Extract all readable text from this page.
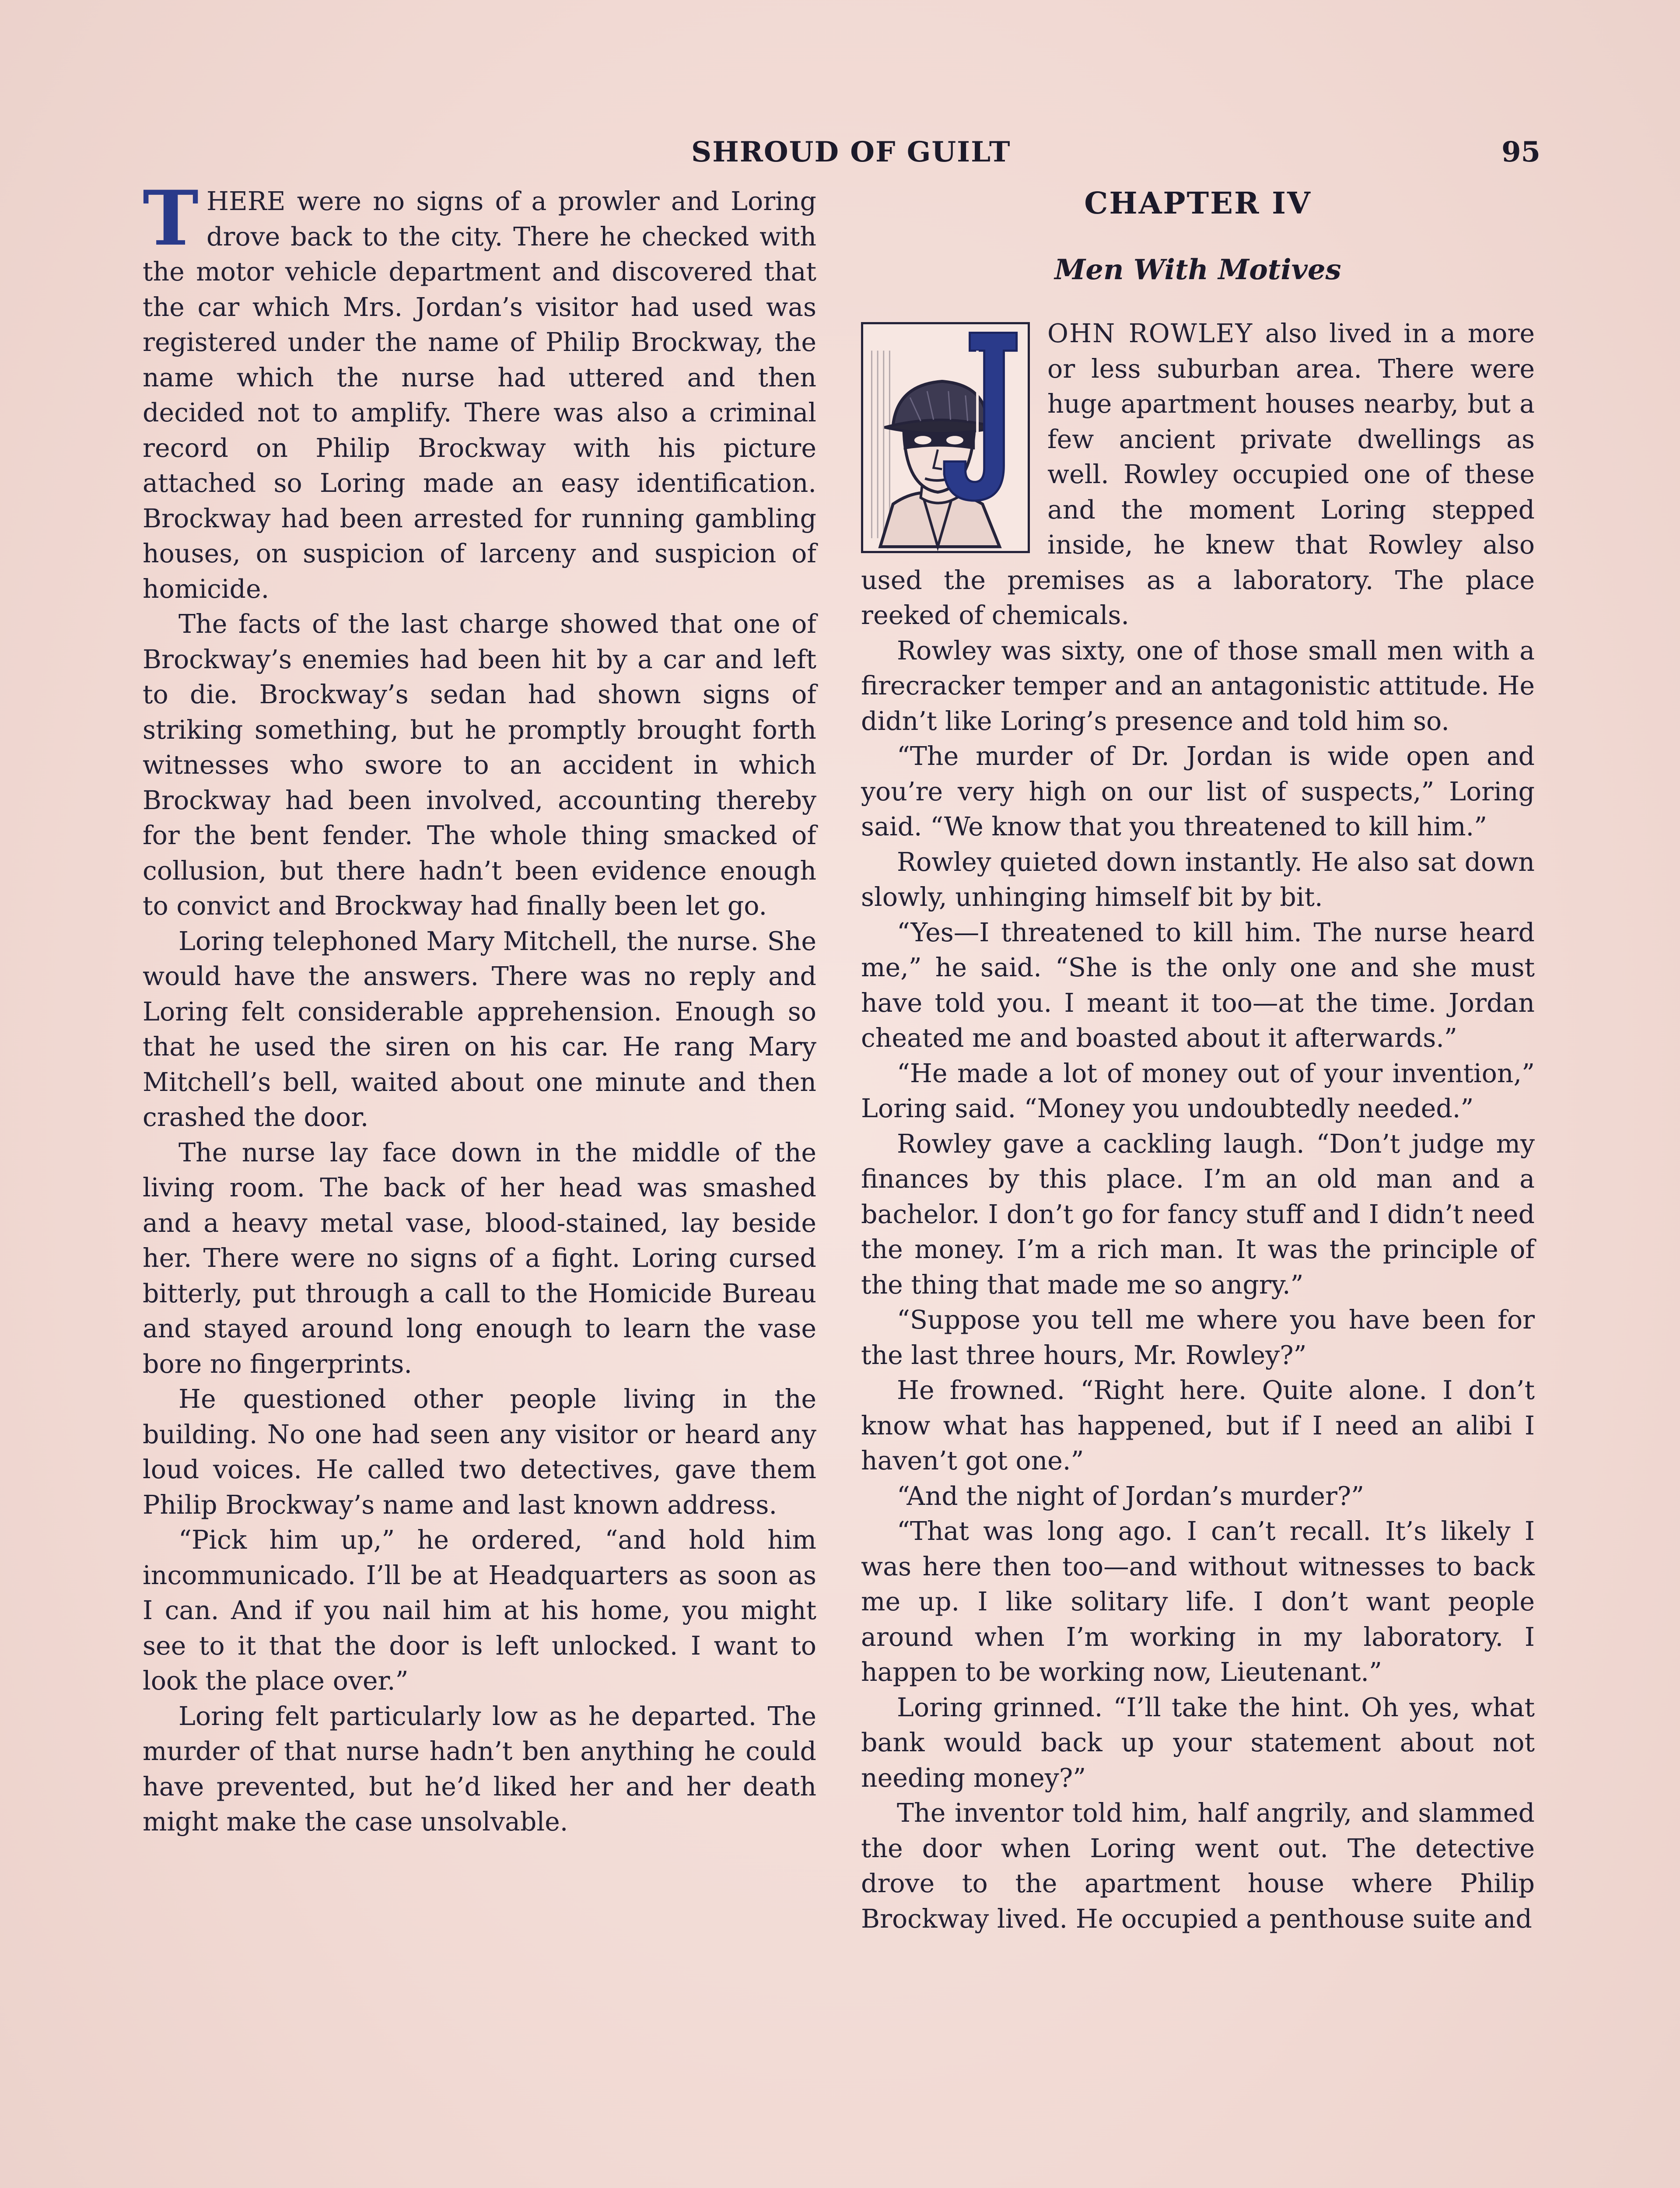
SHROUD OF GUILT	95

THERE were no signs of a prowler and Loring drove back to the city. There he checked with the motor vehicle department and discovered that the car which Mrs. Jordan’s visitor had used was registered under the name of Philip Brockway, the name which the nurse had uttered and then decided not to amplify. There was also a criminal record on Philip Brockway with his picture attached so Loring made an easy identification. Brockway had been arrested for running gambling houses, on suspicion of larceny and suspicion of homicide.

The facts of the last charge showed that one of Brockway’s enemies had been hit by a car and left to die. Brockway’s sedan had shown signs of striking something, but he promptly brought forth witnesses who swore to an accident in which Brockway had been involved, accounting thereby for the bent fender. The whole thing smacked of collusion, but there hadn’t been evidence enough to convict and Brockway had finally been let go.

Loring telephoned Mary Mitchell, the nurse. She would have the answers. There was no reply and Loring felt considerable apprehension. Enough so that he used the siren on his car. He rang Mary Mitchell’s bell, waited about one minute and then crashed the door.

The nurse lay face down in the middle of the living room. The back of her head was smashed and a heavy metal vase, blood-stained, lay beside her. There were no signs of a fight. Loring cursed bitterly, put through a call to the Homicide Bureau and stayed around long enough to learn the vase bore no fingerprints.

He questioned other people living in the building. No one had seen any visitor or heard any loud voices. He called two detectives, gave them Philip Brockway’s name and last known address.

“Pick him up,” he ordered, “and hold him incommunicado. I’ll be at Headquarters as soon as I can. And if you nail him at his home, you might see to it that the door is left unlocked. I want to look the place over.”

Loring felt particularly low as he departed. The murder of that nurse hadn’t ben anything he could have prevented, but he’d liked her and her death might make the case unsolvable.

CHAPTER IV
Men With Motives

OHN ROWLEY also lived in a more or less suburban area. There were huge apartment houses nearby, but a few ancient private dwellings as well. Rowley occupied one of these and the moment Loring stepped inside, he knew that Rowley also used the premises as a laboratory. The place reeked of chemicals.

Rowley was sixty, one of those small men with a firecracker temper and an antagonistic attitude. He didn’t like Loring’s presence and told him so.

“The murder of Dr. Jordan is wide open and you’re very high on our list of suspects,” Loring said. “We know that you threatened to kill him.”

Rowley quieted down instantly. He also sat down slowly, unhinging himself bit by bit.

“Yes—I threatened to kill him. The nurse heard me,” he said. “She is the only one and she must have told you. I meant it too—at the time. Jordan cheated me and boasted about it afterwards.”

“He made a lot of money out of your invention,” Loring said. “Money you undoubtedly needed.”

Rowley gave a cackling laugh. “Don’t judge my finances by this place. I’m an old man and a bachelor. I don’t go for fancy stuff and I didn’t need the money. I’m a rich man. It was the principle of the thing that made me so angry.”

“Suppose you tell me where you have been for the last three hours, Mr. Rowley?”

He frowned. “Right here. Quite alone. I don’t know what has happened, but if I need an alibi I haven’t got one.”

“And the night of Jordan’s murder?”

“That was long ago. I can’t recall. It’s likely I was here then too—and without witnesses to back me up. I like solitary life. I don’t want people around when I’m working in my laboratory. I happen to be working now, Lieutenant.”

Loring grinned. “I’ll take the hint. Oh yes, what bank would back up your statement about not needing money?”

The inventor told him, half angrily, and slammed the door when Loring went out. The detective drove to the apartment house where Philip Brockway lived. He occupied a penthouse suite and
